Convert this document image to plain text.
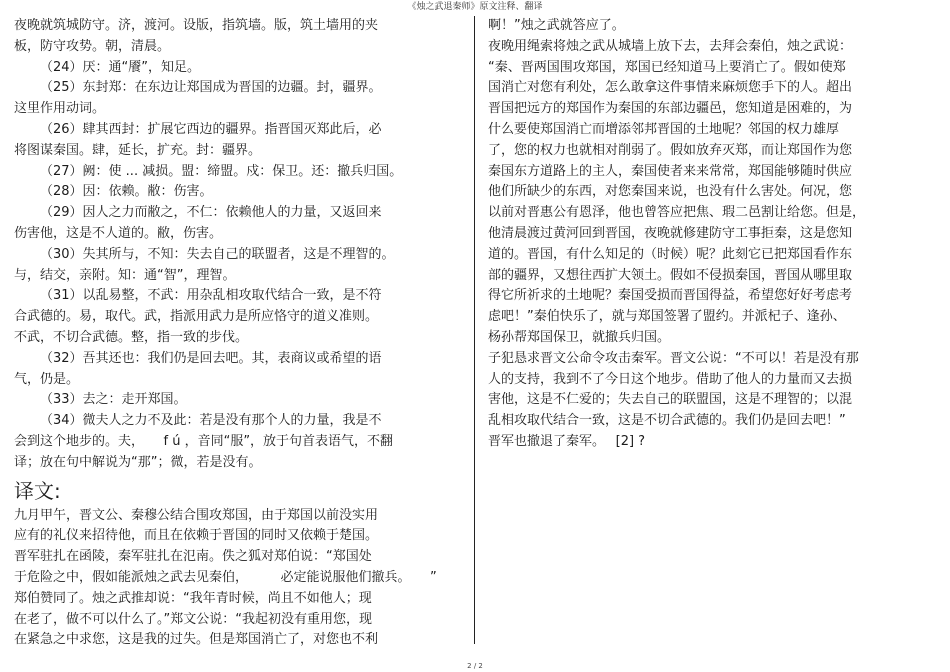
《烛之武退秦师》原文注释、翻译
夜晚就筑城防守。济，渡河。设版，指筑墙。版，筑土墙用的夹
板，防守攻势。朝，清晨。
（24）厌：通“餍”，知足。
（25）东封郑：在东边让郑国成为晋国的边疆。封，疆界。
这里作用动词。
（26）肆其西封：扩展它西边的疆界。指晋国灭郑此后，必
将图谋秦国。肆，延长，扩充。封：疆界。
（27）阙：使 ... 减损。盟：缔盟。戍：保卫。还：撤兵归国。
（28）因：依赖。敝：伤害。
（29）因人之力而敝之，不仁：依赖他人的力量，又返回来
伤害他，这是不人道的。敝，伤害。
（30）失其所与，不知：失去自己的联盟者，这是不理智的。
与，结交，亲附。知：通“智”，理智。
（31）以乱易整，不武：用杂乱相攻取代结合一致，是不符
合武德的。易，取代。武，指派用武力是所应恪守的道义准则。
不武，不切合武德。整，指一致的步伐。
（32）吾其还也：我们仍是回去吧。其，表商议或希望的语
气，仍是。
（33）去之：走开郑国。
（34）微夫人之力不及此：若是没有那个人的力量，我是不
会到这个地步的。夫，　　f ú ，音同“服”，放于句首表语气，不翻
译；放在句中解说为“那”；微，若是没有。
译文:
九月甲午，晋文公、秦穆公结合围攻郑国，由于郑国以前没实用
应有的礼仪来招待他，而且在依赖于晋国的同时又依赖于楚国。
晋军驻扎在函陵，秦军驻扎在氾南。佚之狐对郑伯说：“郑国处
于危险之中，假如能派烛之武去见秦伯，　　　必定能说服他们撤兵。　　”
郑伯赞同了。烛之武推却说：“我年青时候，尚且不如他人；现
在老了，做不可以什么了。”郑文公说：“我起初没有重用您，现
在紧急之中求您，这是我的过失。但是郑国消亡了，对您也不利
啊！”烛之武就答应了。
夜晚用绳索将烛之武从城墙上放下去，去拜会秦伯，烛之武说：
“秦、晋两国围攻郑国，郑国已经知道马上要消亡了。假如使郑
国消亡对您有利处，怎么敢拿这件事情来麻烦您手下的人。超出
晋国把远方的郑国作为秦国的东部边疆邑，您知道是困难的，为
什么要使郑国消亡而增添邻邦晋国的土地呢？邻国的权力雄厚
了，您的权力也就相对削弱了。假如放弃灭郑，而让郑国作为您
秦国东方道路上的主人，秦国使者来来常常，郑国能够随时供应
他们所缺少的东西，对您秦国来说，也没有什么害处。何况，您
以前对晋惠公有恩泽，他也曾答应把焦、瑕二邑割让给您。但是，
他清晨渡过黄河回到晋国，夜晚就修建防守工事拒秦，这是您知
道的。晋国，有什么知足的（时候）呢？此刻它已把郑国看作东
部的疆界，又想往西扩大领土。假如不侵损秦国，晋国从哪里取
得它所祈求的土地呢？秦国受损而晋国得益，希望您好好考虑考
虑吧！”秦伯快乐了，就与郑国签署了盟约。并派杞子、逢孙、
杨孙帮郑国保卫，就撤兵归国。
子犯恳求晋文公命令攻击秦军。晋文公说：“不可以！若是没有那
人的支持，我到不了今日这个地步。借助了他人的力量而又去损
害他，这是不仁爱的；失去自己的联盟国，这是不理智的；以混
乱相攻取代结合一致，这是不切合武德的。我们仍是回去吧！”
晋军也撤退了秦军。　 [2] ?
2 / 2
